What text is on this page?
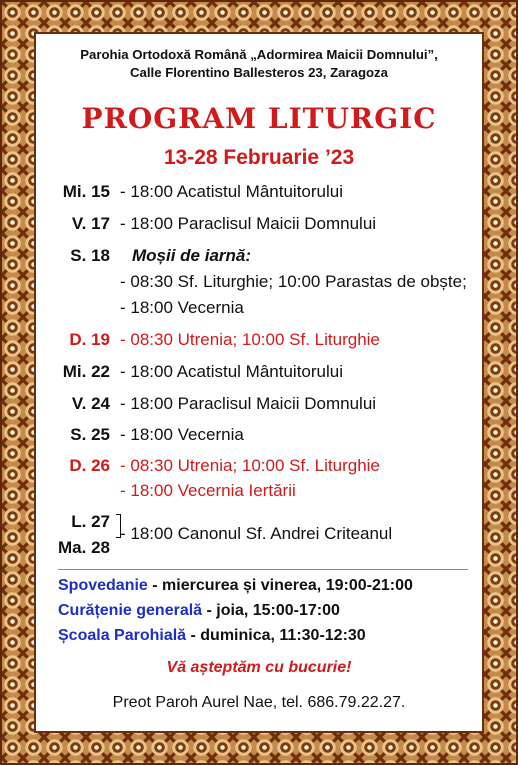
Parohia Ortodoxă Română „Adormirea Maicii Domnului”,
Calle Florentino Ballesteros 23, Zaragoza
PROGRAM LITURGIC
13-28 Februarie ’23
Mi. 15 - 18:00 Acatistul Mântuitorului
V. 17 - 18:00 Paraclisul Maicii Domnului
S. 18 Moșii de iarnă:
- 08:30 Sf. Liturghie; 10:00 Parastas de obște;
- 18:00 Vecernia
D. 19 - 08:30 Utrenia; 10:00 Sf. Liturghie
Mi. 22 - 18:00 Acatistul Mântuitorului
V. 24 - 18:00 Paraclisul Maicii Domnului
S. 25 - 18:00 Vecernia
D. 26 - 08:30 Utrenia; 10:00 Sf. Liturghie
- 18:00 Vecernia Iertării
L. 27
Ma. 28
- 18:00 Canonul Sf. Andrei Criteanul
Spovedanie - miercurea și vinerea, 19:00-21:00
Curățenie generală - joia, 15:00-17:00
Școala Parohială - duminica, 11:30-12:30
Vă așteptăm cu bucurie!
Preot Paroh Aurel Nae, tel. 686.79.22.27.
